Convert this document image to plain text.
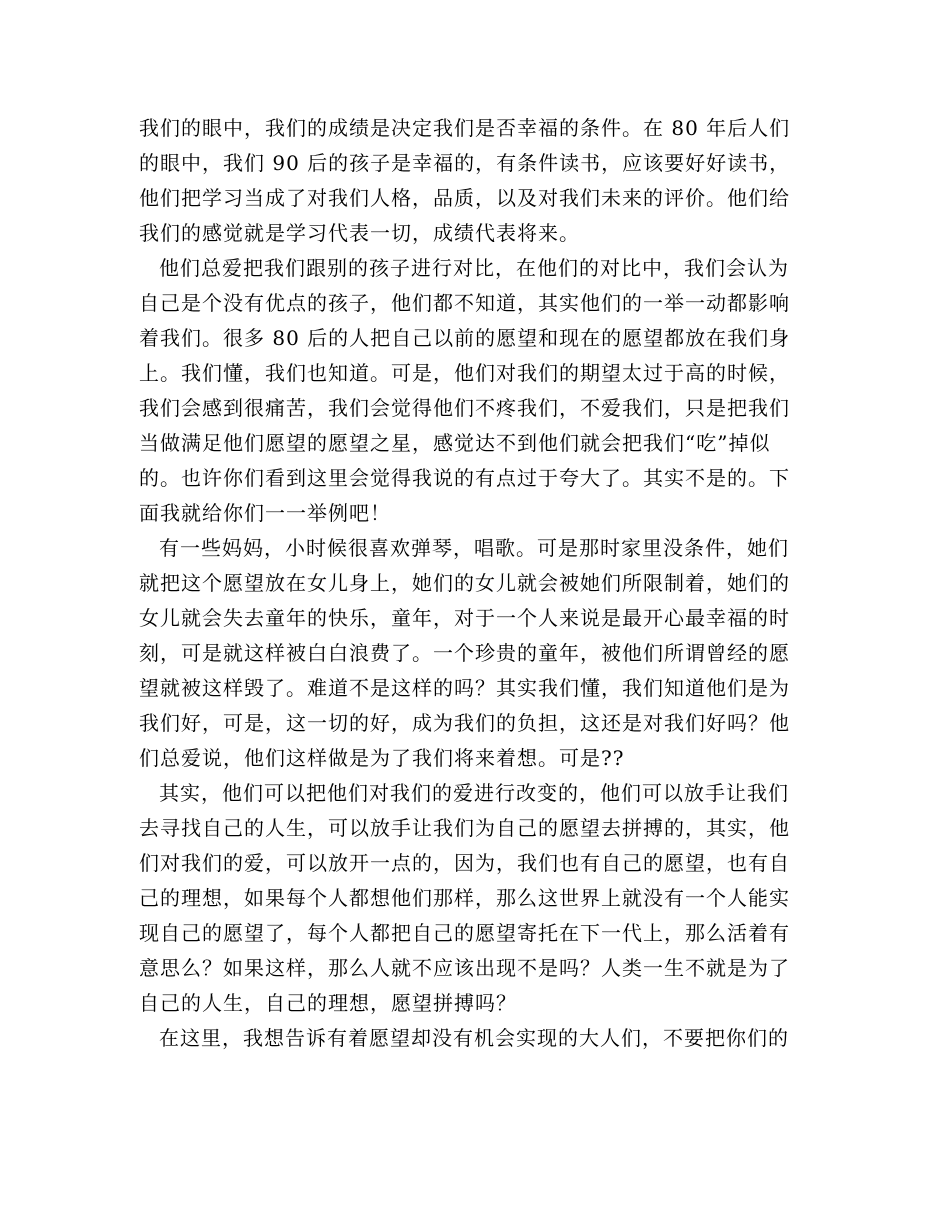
我们的眼中，我们的成绩是决定我们是否幸福的条件。在 80 年后人们
的眼中，我们 90 后的孩子是幸福的，有条件读书，应该要好好读书，
他们把学习当成了对我们人格，品质，以及对我们未来的评价。他们给
我们的感觉就是学习代表一切，成绩代表将来。
他们总爱把我们跟别的孩子进行对比，在他们的对比中，我们会认为
自己是个没有优点的孩子，他们都不知道，其实他们的一举一动都影响
着我们。很多 80 后的人把自己以前的愿望和现在的愿望都放在我们身
上。我们懂，我们也知道。可是，他们对我们的期望太过于高的时候，
我们会感到很痛苦，我们会觉得他们不疼我们，不爱我们，只是把我们
当做满足他们愿望的愿望之星，感觉达不到他们就会把我们“吃”掉似
的。也许你们看到这里会觉得我说的有点过于夸大了。其实不是的。下
面我就给你们一一举例吧！
有一些妈妈，小时候很喜欢弹琴，唱歌。可是那时家里没条件，她们
就把这个愿望放在女儿身上，她们的女儿就会被她们所限制着，她们的
女儿就会失去童年的快乐，童年，对于一个人来说是最开心最幸福的时
刻，可是就这样被白白浪费了。一个珍贵的童年，被他们所谓曾经的愿
望就被这样毁了。难道不是这样的吗？其实我们懂，我们知道他们是为
我们好，可是，这一切的好，成为我们的负担，这还是对我们好吗？他
们总爱说，他们这样做是为了我们将来着想。可是??
其实，他们可以把他们对我们的爱进行改变的，他们可以放手让我们
去寻找自己的人生，可以放手让我们为自己的愿望去拼搏的，其实，他
们对我们的爱，可以放开一点的，因为，我们也有自己的愿望，也有自
己的理想，如果每个人都想他们那样，那么这世界上就没有一个人能实
现自己的愿望了，每个人都把自己的愿望寄托在下一代上，那么活着有
意思么？如果这样，那么人就不应该出现不是吗？人类一生不就是为了
自己的人生，自己的理想，愿望拼搏吗？
在这里，我想告诉有着愿望却没有机会实现的大人们，不要把你们的
